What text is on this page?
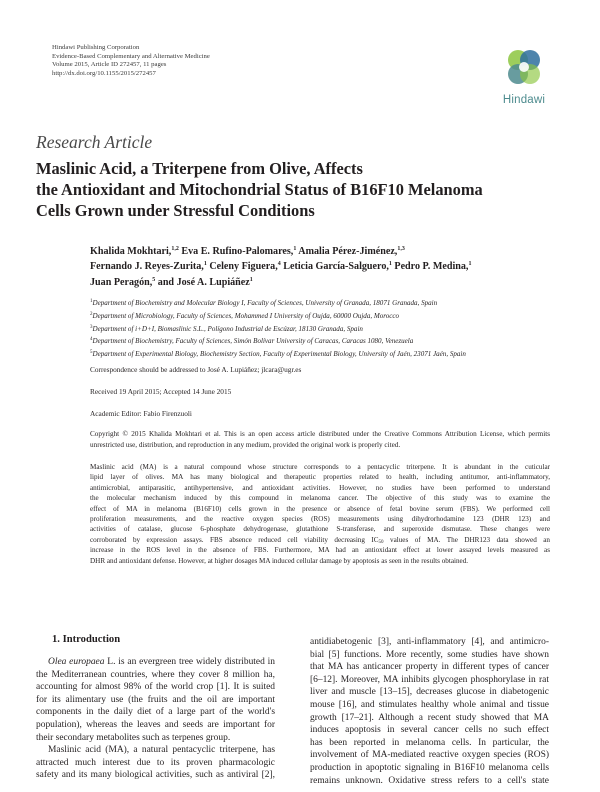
Hindawi Publishing Corporation
Evidence-Based Complementary and Alternative Medicine
Volume 2015, Article ID 272457, 11 pages
http://dx.doi.org/10.1155/2015/272457
Hindawi
Research Article
Maslinic Acid, a Triterpene from Olive, Affects
the Antioxidant and Mitochondrial Status of B16F10 Melanoma
Cells Grown under Stressful Conditions
Khalida Mokhtari,$^{1,2}$ Eva E. Rufino-Palomares,$^1$ Amalia Pérez-Jiménez,$^{1,3}$
Fernando J. Reyes-Zurita,$^1$ Celeny Figuera,$^4$ Leticia García-Salguero,$^1$ Pedro P. Medina,$^1$
Juan Peragón,$^5$ and José A. Lupiáñez$^1$
$^1$Department of Biochemistry and Molecular Biology I, Faculty of Sciences, University of Granada, 18071 Granada, Spain
$^2$Department of Microbiology, Faculty of Sciences, Mohammed I University of Oujda, 60000 Oujda, Morocco
$^3$Department of i+D+I, Biomaslinic S.L., Polígono Industrial de Escúzar, 18130 Granada, Spain
$^4$Department of Biochemistry, Faculty of Sciences, Simón Bolívar University of Caracas, Caracas 1080, Venezuela
$^5$Department of Experimental Biology, Biochemistry Section, Faculty of Experimental Biology, University of Jaén, 23071 Jaén, Spain
Correspondence should be addressed to José A. Lupiáñez; jlcara@ugr.es
Received 19 April 2015; Accepted 14 June 2015
Academic Editor: Fabio Firenzuoli
Copyright © 2015 Khalida Mokhtari et al. This is an open access article distributed under the Creative Commons Attribution License, which permits unrestricted use, distribution, and reproduction in any medium, provided the original work is properly cited.
Maslinic acid (MA) is a natural compound whose structure corresponds to a pentacyclic triterpene. It is abundant in the cuticular
lipid layer of olives. MA has many biological and therapeutic properties related to health, including antitumor, anti-inflammatory,
antimicrobial, antiparasitic, antihypertensive, and antioxidant activities. However, no studies have been performed to understand
the molecular mechanism induced by this compound in melanoma cancer. The objective of this study was to examine the
effect of MA in melanoma (B16F10) cells grown in the presence or absence of fetal bovine serum (FBS). We performed cell
proliferation measurements, and the reactive oxygen species (ROS) measurements using dihydrorhodamine 123 (DHR 123) and
activities of catalase, glucose 6-phosphate dehydrogenase, glutathione S-transferase, and superoxide dismutase. These changes were
corroborated by expression assays. FBS absence reduced cell viability decreasing $IC_{50}$ values of MA. The DHR123 data showed an
increase in the ROS level in the absence of FBS. Furthermore, MA had an antioxidant effect at lower assayed levels measured as
DHR and antioxidant defense. However, at higher dosages MA induced cellular damage by apoptosis as seen in the results obtained.
1. Introduction
Olea europaea L. is an evergreen tree widely distributed in
the Mediterranean countries, where they cover 8 million ha,
accounting for almost 98% of the world crop [1]. It is suited
for its alimentary use (the fruits and the oil are important
components in the daily diet of a large part of the world's
population), whereas the leaves and seeds are important for
their secondary metabolites such as terpenes group.
Maslinic acid (MA), a natural pentacyclic triterpene, has
attracted much interest due to its proven pharmacologic
safety and its many biological activities, such as antiviral [2],
antidiabetogenic [3], anti-inflammatory [4], and antimicro-
bial [5] functions. More recently, some studies have shown
that MA has anticancer property in different types of cancer
[6–12]. Moreover, MA inhibits glycogen phosphorylase in rat
liver and muscle [13–15], decreases glucose in diabetogenic
mouse [16], and stimulates healthy whole animal and tissue
growth [17–21]. Although a recent study showed that MA
induces apoptosis in several cancer cells no such effect
has been reported in melanoma cells. In particular, the
involvement of MA-mediated reactive oxygen species (ROS)
production in apoptotic signaling in B16F10 melanoma cells
remains unknown. Oxidative stress refers to a cell's state
